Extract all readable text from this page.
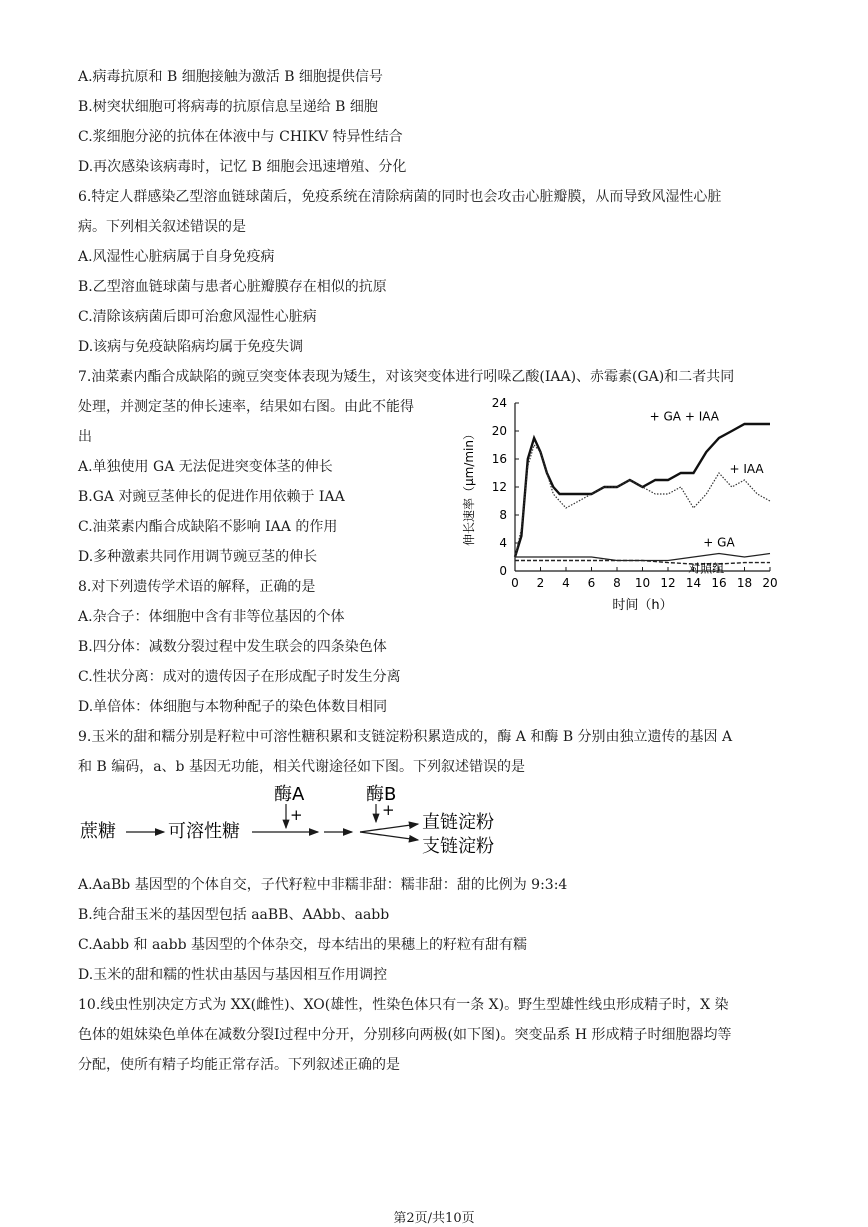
A.病毒抗原和 B 细胞接触为激活 B 细胞提供信号
B.树突状细胞可将病毒的抗原信息呈递给 B 细胞
C.浆细胞分泌的抗体在体液中与 CHIKV 特异性结合
D.再次感染该病毒时，记忆 B 细胞会迅速增殖、分化
6.特定人群感染乙型溶血链球菌后，免疫系统在清除病菌的同时也会攻击心脏瓣膜，从而导致风湿性心脏
病。下列相关叙述错误的是
A.风湿性心脏病属于自身免疫病
B.乙型溶血链球菌与患者心脏瓣膜存在相似的抗原
C.清除该病菌后即可治愈风湿性心脏病
D.该病与免疫缺陷病均属于免疫失调
7.油菜素内酯合成缺陷的豌豆突变体表现为矮生，对该突变体进行吲哚乙酸(IAA)、赤霉素(GA)和二者共同
处理，并测定茎的伸长速率，结果如右图。由此不能得
出
A.单独使用 GA 无法促进突变体茎的伸长
B.GA 对豌豆茎伸长的促进作用依赖于 IAA
C.油菜素内酯合成缺陷不影响 IAA 的作用
D.多种激素共同作用调节豌豆茎的伸长
8.对下列遗传学术语的解释，正确的是
A.杂合子：体细胞中含有非等位基因的个体
B.四分体：减数分裂过程中发生联会的四条染色体
C.性状分离：成对的遗传因子在形成配子时发生分离
D.单倍体：体细胞与本物种配子的染色体数目相同
9.玉米的甜和糯分别是籽粒中可溶性糖积累和支链淀粉积累造成的，酶 A 和酶 B 分别由独立遗传的基因 A
和 B 编码，a、b 基因无功能，相关代谢途径如下图。下列叙述错误的是
A.AaBb 基因型的个体自交，子代籽粒中非糯非甜：糯非甜：甜的比例为 9:3:4
B.纯合甜玉米的基因型包括 aaBB、AAbb、aabb
C.Aabb 和 aabb 基因型的个体杂交，母本结出的果穗上的籽粒有甜有糯
D.玉米的甜和糯的性状由基因与基因相互作用调控
10.线虫性别决定方式为 XX(雌性)、XO(雄性，性染色体只有一条 X)。野生型雄性线虫形成精子时，X 染
色体的姐妹染色单体在减数分裂Ⅰ过程中分开，分别移向两极(如下图)。突变品系 H 形成精子时细胞器均等
分配，使所有精子均能正常存活。下列叙述正确的是
0 2 4 6 8 10 12 14 16 18 20
0
4
8
12
16
20
24
时间（h）
伸长速率（μm/min）
+ GA + IAA
+ IAA
+ GA
对照组
蔗糖	可溶性糖
酶A
+
酶B
+
直链淀粉
支链淀粉
第2页/共10页
